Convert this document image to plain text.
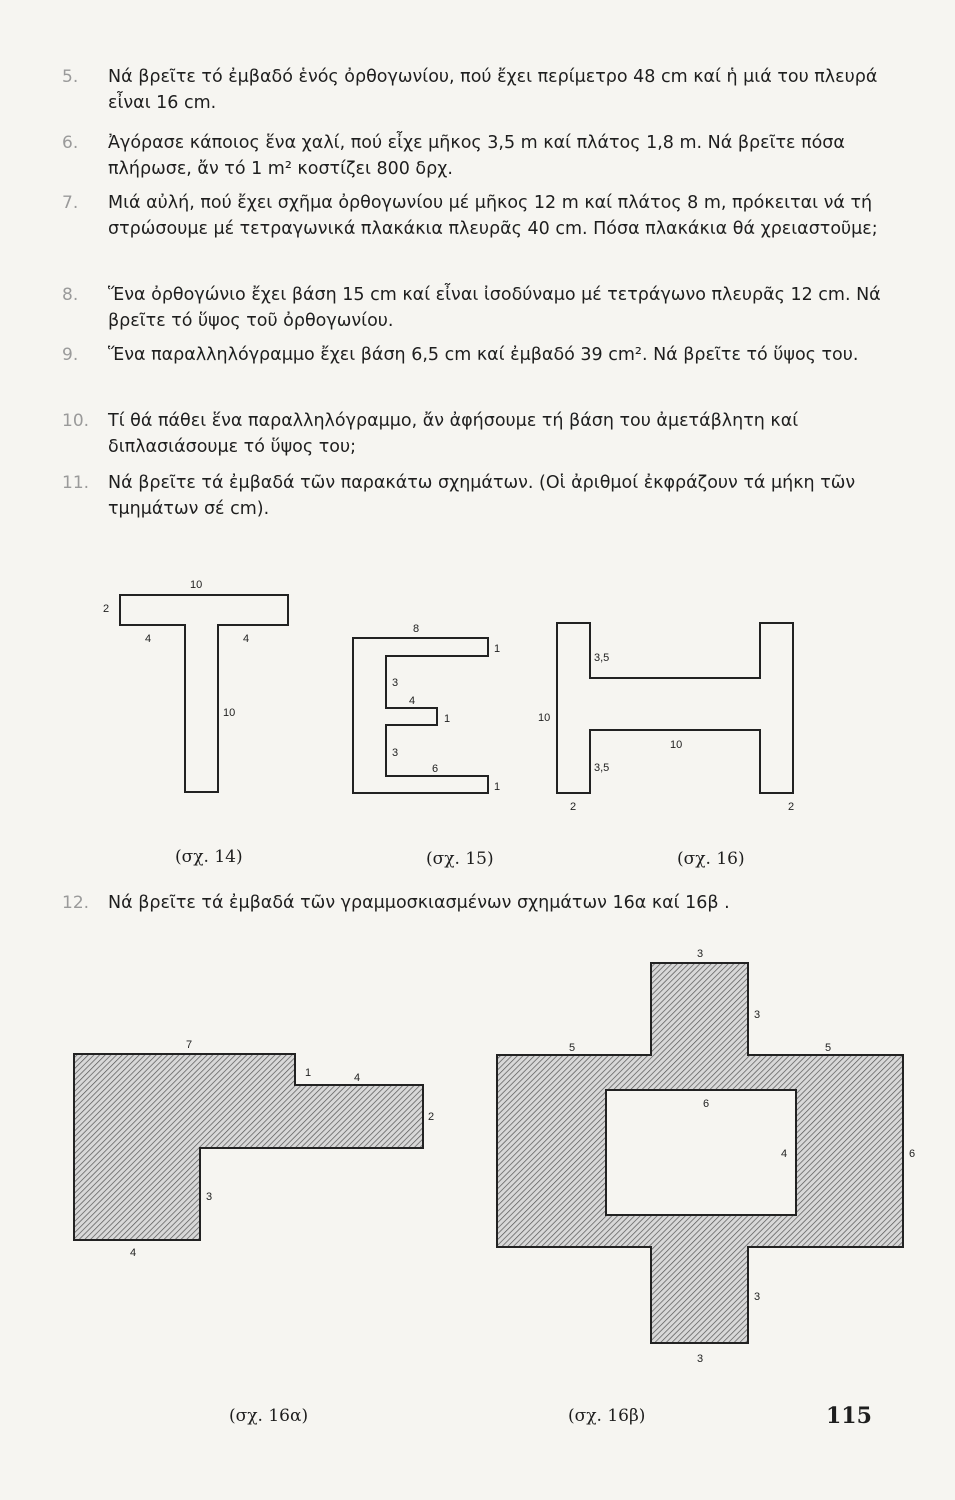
5.	Νά βρεῖτε τό ἐμβαδό ἑνός ὀρθογωνίου, πού ἔχει περίμετρο 48 cm καί ἡ μιά του πλευρά εἶναι 16 cm.
6.	Ἀγόρασε κάποιος ἕνα χαλί, πού εἶχε μῆκος 3,5 m καί πλάτος 1,8 m. Νά βρεῖτε πόσα πλήρωσε, ἄν τό 1 m² κοστίζει 800 δρχ.
7.	Μιά αὐλή, πού ἔχει σχῆμα ὀρθογωνίου μέ μῆκος 12 m καί πλάτος 8 m, πρόκειται νά τή στρώσουμε μέ τετραγωνικά πλακάκια πλευρᾶς 40 cm. Πόσα πλακάκια θά χρειαστοῦμε;
8.	Ἕνα ὀρθογώνιο ἔχει βάση 15 cm καί εἶναι ἰσοδύναμο μέ τετράγωνο πλευρᾶς 12 cm. Νά βρεῖτε τό ὕψος τοῦ ὀρθογωνίου.
9.	Ἕνα παραλληλόγραμμο ἔχει βάση 6,5 cm καί ἐμβαδό 39 cm². Νά βρεῖτε τό ὕψος του.
10.	Τί θά πάθει ἕνα παραλληλόγραμμο, ἄν ἀφήσουμε τή βάση του ἀμετάβλητη καί διπλασιάσουμε τό ὕψος του;
11.	Νά βρεῖτε τά ἐμβαδά τῶν παρακάτω σχημάτων. (Οἱ ἀριθμοί ἐκφράζουν τά μήκη τῶν τμημάτων σέ cm).
10
2
4	4
10
8
1
3
4
1
3
6
1
3,5
3,5
10
10
2	2
7
1	4
2
3
4
3
3
5	5
6
4	6
3
3
(σχ. 14)	(σχ. 15)	(σχ. 16)
12.	Νά βρεῖτε τά ἐμβαδά τῶν γραμμοσκιασμένων σχημάτων 16α καί 16β .
(σχ. 16α)	(σχ. 16β)	115
